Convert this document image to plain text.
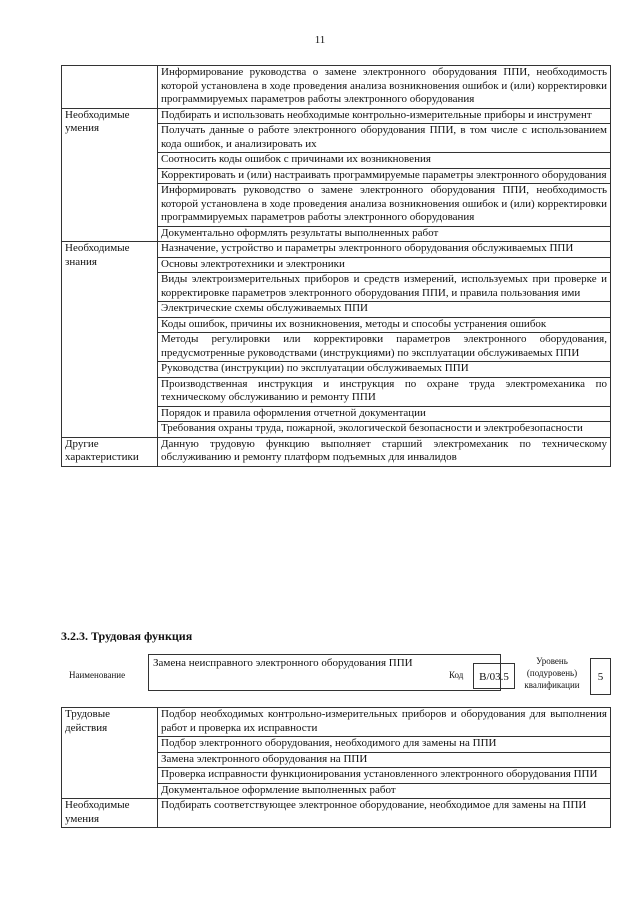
11
	Информирование руководства о замене электронного оборудования ППИ, необходимость которой установлена в ходе проведения анализа возникновения ошибок и (или) корректировки программируемых параметров работы электронного оборудования
Необходимые умения	Подбирать и использовать необходимые контрольно-измерительные приборы и инструмент
	Получать данные о работе электронного оборудования ППИ, в том числе с использованием кода ошибок, и анализировать их
	Соотносить коды ошибок с причинами их возникновения
	Корректировать и (или) настраивать программируемые параметры электронного оборудования
	Информировать руководство о замене электронного оборудования ППИ, необходимость которой установлена в ходе проведения анализа возникновения ошибок и (или) корректировки программируемых параметров работы электронного оборудования
	Документально оформлять результаты выполненных работ
Необходимые знания	Назначение, устройство и параметры электронного оборудования обслуживаемых ППИ
	Основы электротехники и электроники
	Виды электроизмерительных приборов и средств измерений, используемых при проверке и корректировке параметров электронного оборудования ППИ, и правила пользования ими
	Электрические схемы обслуживаемых ППИ
	Коды ошибок, причины их возникновения, методы и способы устранения ошибок
	Методы регулировки или корректировки параметров электронного оборудования, предусмотренные руководствами (инструкциями) по эксплуатации обслуживаемых ППИ
	Руководства (инструкции) по эксплуатации обслуживаемых ППИ
	Производственная инструкция и инструкция по охране труда электромеханика по техническому обслуживанию и ремонту ППИ
	Порядок и правила оформления отчетной документации
	Требования охраны труда, пожарной, экологической безопасности и электробезопасности
Другие характеристики	Данную трудовую функцию выполняет старший электромеханик по техническому обслуживанию и ремонту платформ подъемных для инвалидов
3.2.3. Трудовая функция
Наименование
Замена неисправного электронного оборудования ППИ
Код	B/03.5
Уровень (подуровень) квалификации
5
Трудовые действия	Подбор необходимых контрольно-измерительных приборов и оборудования для выполнения работ и проверка их исправности
	Подбор электронного оборудования, необходимого для замены на ППИ
	Замена электронного оборудования на ППИ
	Проверка исправности функционирования установленного электронного оборудования ППИ
	Документальное оформление выполненных работ
Необходимые умения	Подбирать соответствующее электронное оборудование, необходимое для замены на ППИ
